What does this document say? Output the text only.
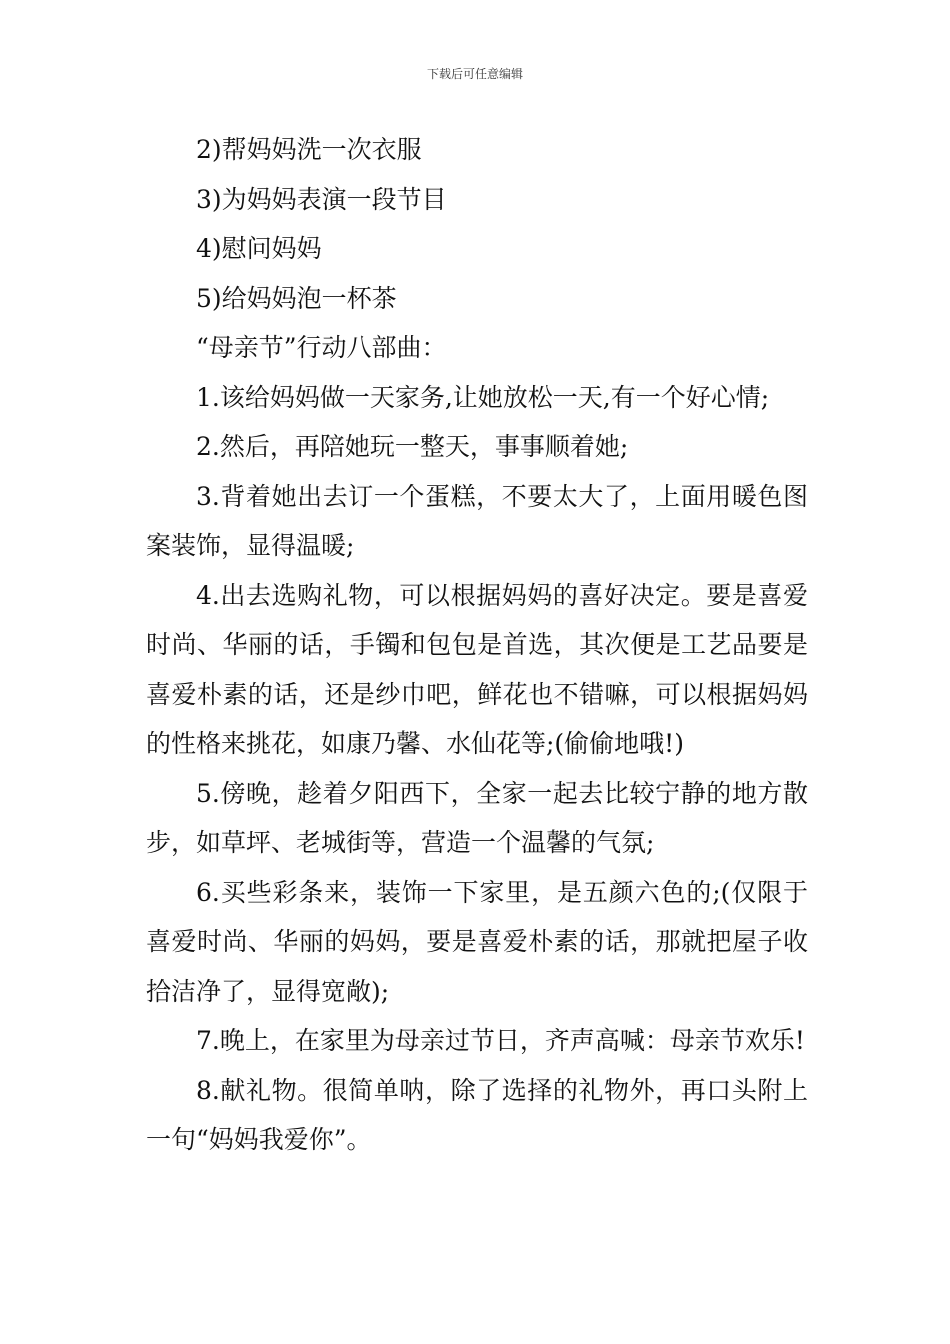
下载后可任意编辑

2)帮妈妈洗一次衣服

3)为妈妈表演一段节目

4)慰问妈妈

5)给妈妈泡一杯茶

“母亲节”行动八部曲：

1.该给妈妈做一天家务,让她放松一天,有一个好心情;

2.然后，再陪她玩一整天，事事顺着她;

3.背着她出去订一个蛋糕，不要太大了，上面用暖色图案装饰，显得温暖;

4.出去选购礼物，可以根据妈妈的喜好决定。要是喜爱时尚、华丽的话，手镯和包包是首选，其次便是工艺品要是喜爱朴素的话，还是纱巾吧，鲜花也不错嘛，可以根据妈妈的性格来挑花，如康乃馨、水仙花等;(偷偷地哦!)

5.傍晚，趁着夕阳西下，全家一起去比较宁静的地方散步，如草坪、老城街等，营造一个温馨的气氛;

6.买些彩条来，装饰一下家里，是五颜六色的;(仅限于喜爱时尚、华丽的妈妈，要是喜爱朴素的话，那就把屋子收拾洁净了，显得宽敞);

7.晚上，在家里为母亲过节日，齐声高喊：母亲节欢乐!

8.献礼物。很简单呐，除了选择的礼物外，再口头附上一句“妈妈我爱你”。
